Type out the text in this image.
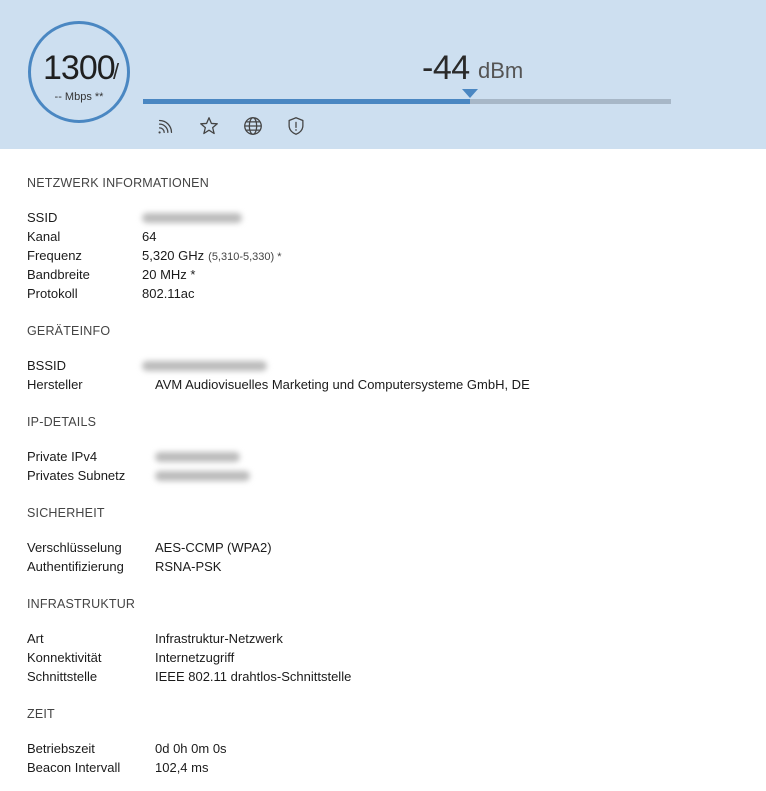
1300
/
-- Mbps **
-44 dBm
NETZWERK INFORMATIONEN
SSID
Kanal	64
Frequenz	5,320 GHz (5,310-5,330) *
Bandbreite	20 MHz *
Protokoll	802.11ac
GERÄTEINFO
BSSID
Hersteller	AVM Audiovisuelles Marketing und Computersysteme GmbH, DE
IP-DETAILS
Private IPv4
Privates Subnetz
SICHERHEIT
Verschlüsselung	AES-CCMP (WPA2)
Authentifizierung RSNA-PSK
INFRASTRUKTUR
Art	Infrastruktur-Netzwerk
Konnektivität	Internetzugriff
Schnittstelle	IEEE 802.11 drahtlos-Schnittstelle
ZEIT
Betriebszeit	0d 0h 0m 0s
Beacon Intervall	102,4 ms
